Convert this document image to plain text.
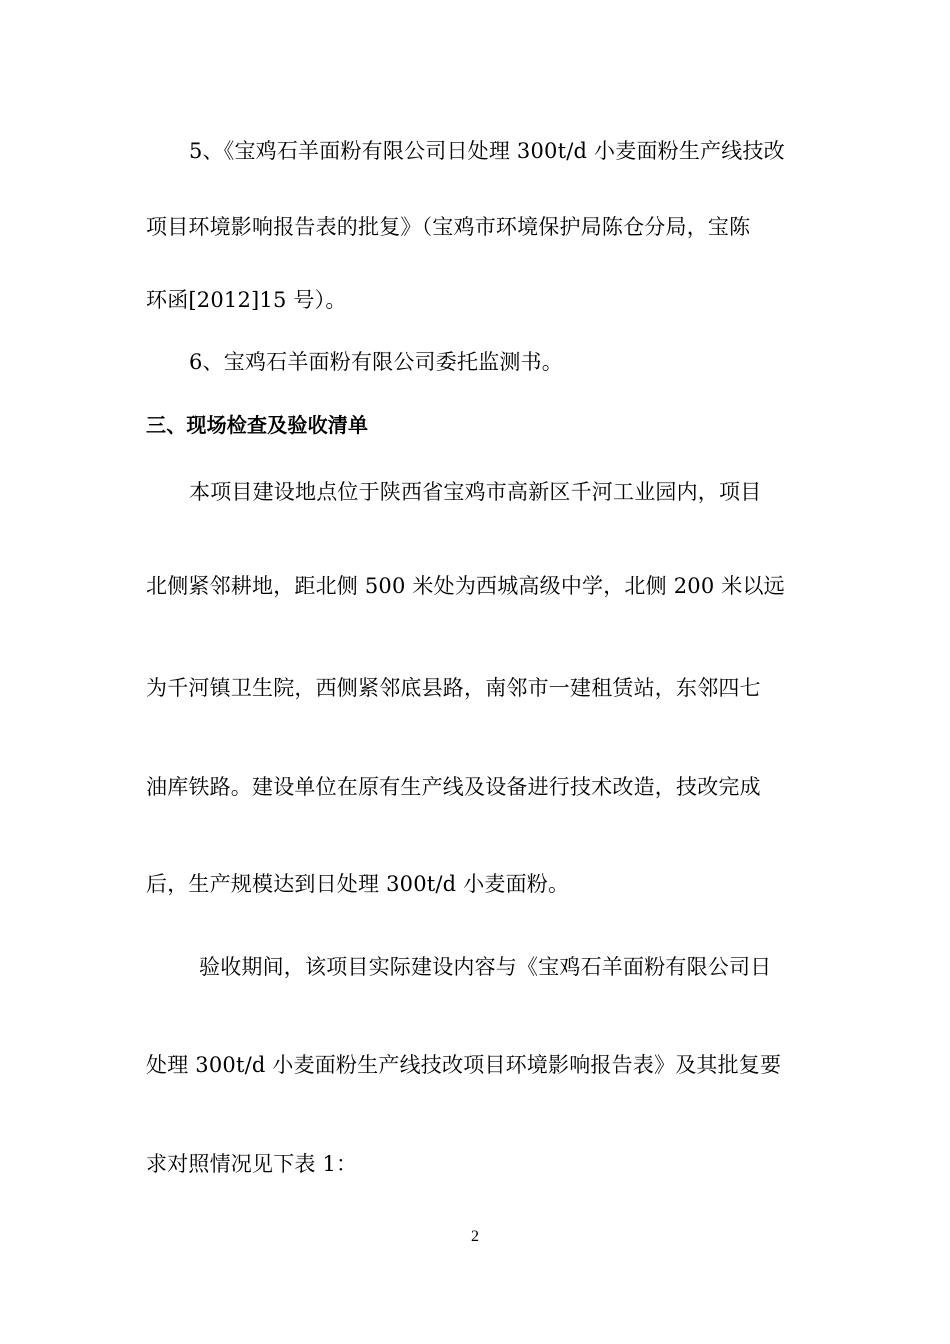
5、《宝鸡石羊面粉有限公司日处理 300t/d 小麦面粉生产线技改
项目环境影响报告表的批复》（宝鸡市环境保护局陈仓分局，宝陈
环函[2012]15 号）。
6、宝鸡石羊面粉有限公司委托监测书。
三、现场检查及验收清单
本项目建设地点位于陕西省宝鸡市高新区千河工业园内，项目
北侧紧邻耕地，距北侧 500 米处为西城高级中学，北侧 200 米以远
为千河镇卫生院，西侧紧邻底县路，南邻市一建租赁站，东邻四七
油库铁路。建设单位在原有生产线及设备进行技术改造，技改完成
后，生产规模达到日处理 300t/d 小麦面粉。
验收期间，该项目实际建设内容与《宝鸡石羊面粉有限公司日
处理 300t/d 小麦面粉生产线技改项目环境影响报告表》及其批复要
求对照情况见下表 1：
2
